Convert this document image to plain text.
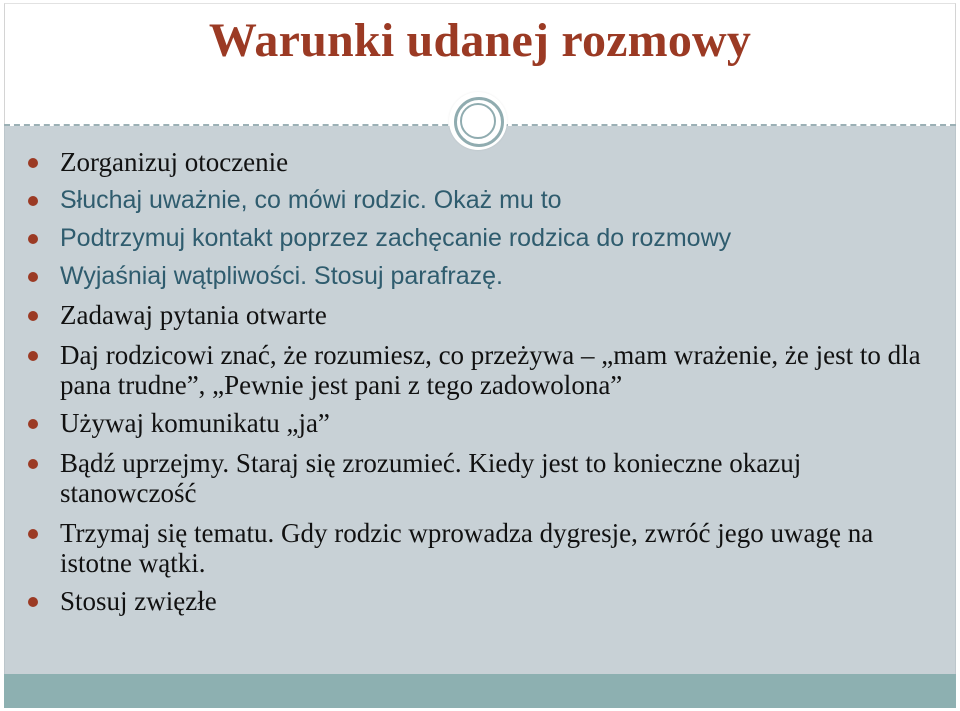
Warunki udanej rozmowy
Zorganizuj otoczenie
Słuchaj uważnie, co mówi rodzic. Okaż mu to
Podtrzymuj kontakt poprzez zachęcanie rodzica do rozmowy
Wyjaśniaj wątpliwości. Stosuj parafrazę.
Zadawaj pytania otwarte
Daj rodzicowi znać, że rozumiesz, co przeżywa – „mam wrażenie, że jest to dla pana trudne”, „Pewnie jest pani z tego zadowolona”
Używaj komunikatu „ja”
Bądź uprzejmy. Staraj się zrozumieć. Kiedy jest to konieczne okazuj stanowczość
Trzymaj się tematu. Gdy rodzic wprowadza dygresje, zwróć jego uwagę na istotne wątki.
Stosuj zwięzłe
